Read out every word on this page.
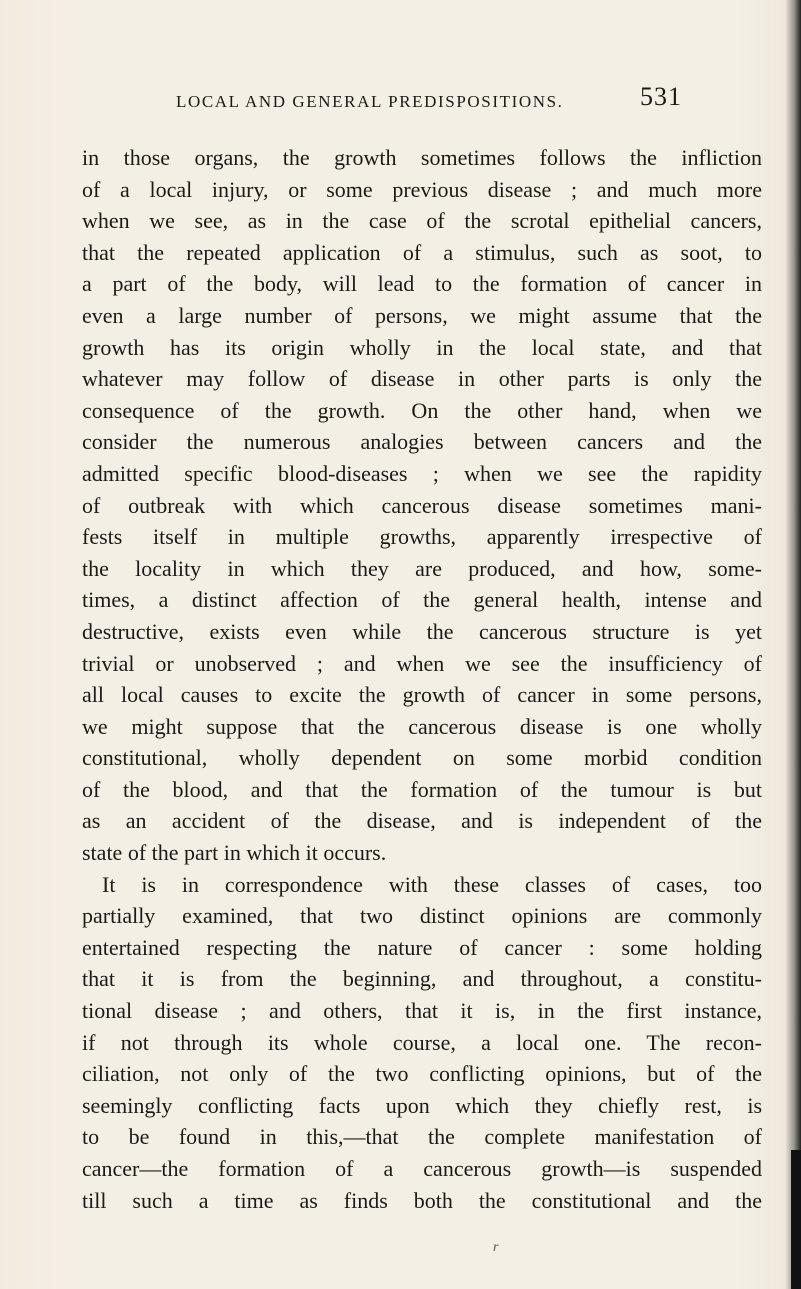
LOCAL AND GENERAL PREDISPOSITIONS.	531
in those organs, the growth sometimes follows the infliction
of a local injury, or some previous disease ; and much more
when we see, as in the case of the scrotal epithelial cancers,
that the repeated application of a stimulus, such as soot, to
a part of the body, will lead to the formation of cancer in
even a large number of persons, we might assume that the
growth has its origin wholly in the local state, and that
whatever may follow of disease in other parts is only the
consequence of the growth. On the other hand, when we
consider the numerous analogies between cancers and the
admitted specific blood-diseases ; when we see the rapidity
of outbreak with which cancerous disease sometimes mani-
fests itself in multiple growths, apparently irrespective of
the locality in which they are produced, and how, some-
times, a distinct affection of the general health, intense and
destructive, exists even while the cancerous structure is yet
trivial or unobserved ; and when we see the insufficiency of
all local causes to excite the growth of cancer in some persons,
we might suppose that the cancerous disease is one wholly
constitutional, wholly dependent on some morbid condition
of the blood, and that the formation of the tumour is but
as an accident of the disease, and is independent of the
state of the part in which it occurs.
It is in correspondence with these classes of cases, too
partially examined, that two distinct opinions are commonly
entertained respecting the nature of cancer : some holding
that it is from the beginning, and throughout, a constitu-
tional disease ; and others, that it is, in the first instance,
if not through its whole course, a local one. The recon-
ciliation, not only of the two conflicting opinions, but of the
seemingly conflicting facts upon which they chiefly rest, is
to be found in this,—that the complete manifestation of
cancer—the formation of a cancerous growth—is suspended
till such a time as finds both the constitutional and the
r
